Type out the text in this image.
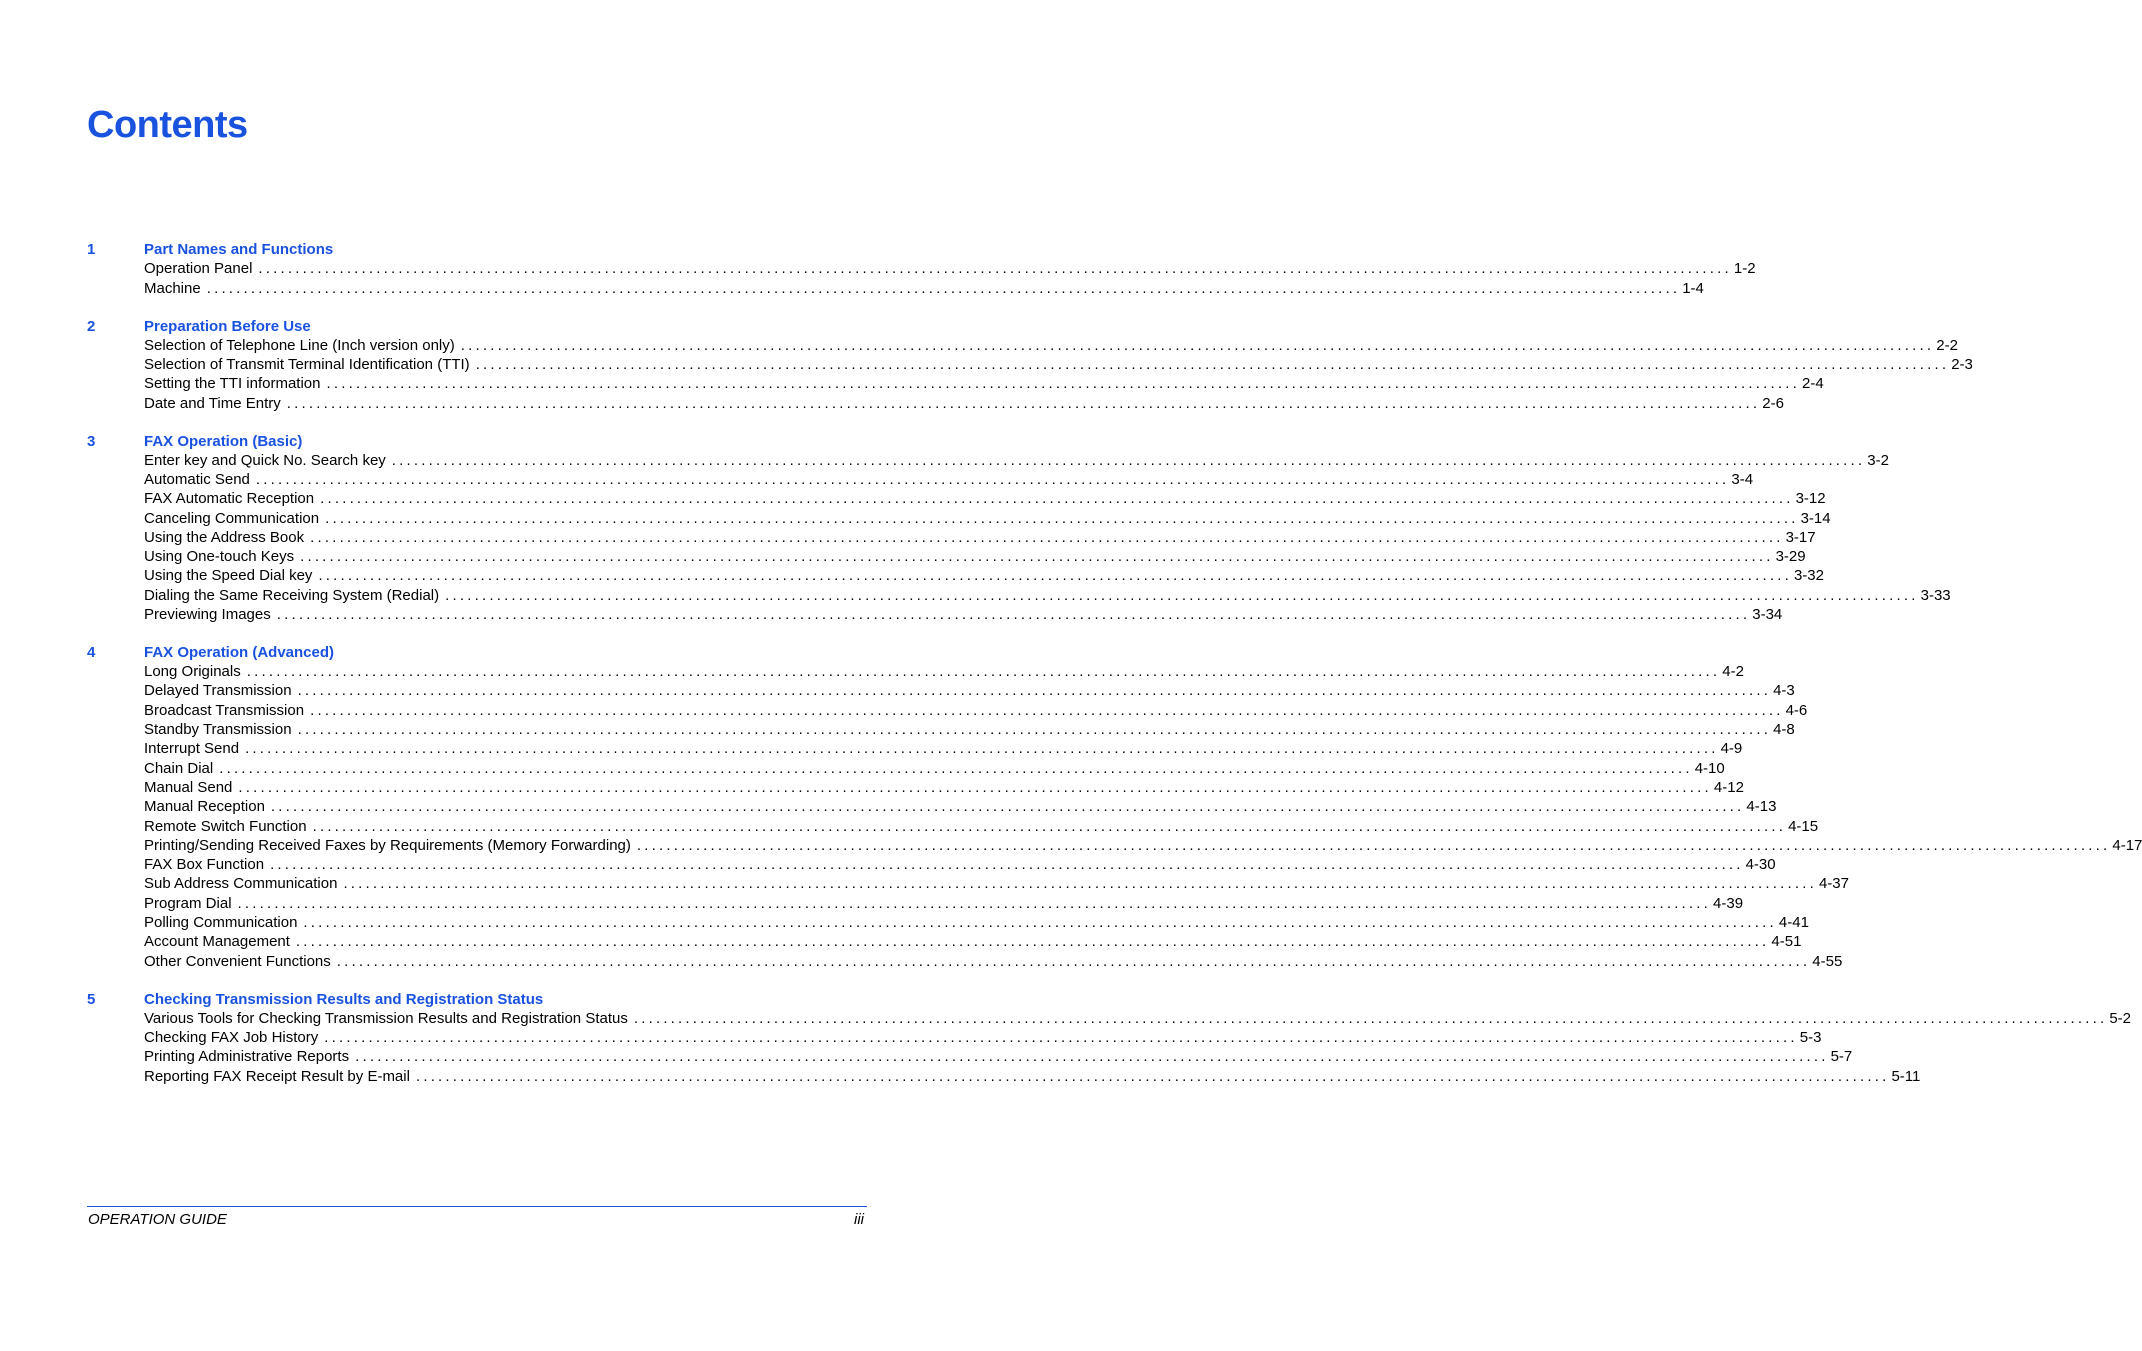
Contents
1	Part Names and Functions
Operation Panel ........................................................................................................................................................................................................ 1-2
Machine ........................................................................................................................................................................................................ 1-4
2	Preparation Before Use
Selection of Telephone Line (Inch version only) ........................................................................................................................................................................................................ 2-2
Selection of Transmit Terminal Identification (TTI) ........................................................................................................................................................................................................ 2-3
Setting the TTI information ........................................................................................................................................................................................................ 2-4
Date and Time Entry ........................................................................................................................................................................................................ 2-6
3	FAX Operation (Basic)
Enter key and Quick No. Search key ........................................................................................................................................................................................................ 3-2
Automatic Send ........................................................................................................................................................................................................ 3-4
FAX Automatic Reception ........................................................................................................................................................................................................ 3-12
Canceling Communication ........................................................................................................................................................................................................ 3-14
Using the Address Book ........................................................................................................................................................................................................ 3-17
Using One-touch Keys ........................................................................................................................................................................................................ 3-29
Using the Speed Dial key ........................................................................................................................................................................................................ 3-32
Dialing the Same Receiving System (Redial) ........................................................................................................................................................................................................ 3-33
Previewing Images ........................................................................................................................................................................................................ 3-34
4	FAX Operation (Advanced)
Long Originals ........................................................................................................................................................................................................ 4-2
Delayed Transmission ........................................................................................................................................................................................................ 4-3
Broadcast Transmission ........................................................................................................................................................................................................ 4-6
Standby Transmission ........................................................................................................................................................................................................ 4-8
Interrupt Send ........................................................................................................................................................................................................ 4-9
Chain Dial ........................................................................................................................................................................................................ 4-10
Manual Send ........................................................................................................................................................................................................ 4-12
Manual Reception ........................................................................................................................................................................................................ 4-13
Remote Switch Function ........................................................................................................................................................................................................ 4-15
Printing/Sending Received Faxes by Requirements (Memory Forwarding) ........................................................................................................................................................................................................ 4-17
FAX Box Function ........................................................................................................................................................................................................ 4-30
Sub Address Communication ........................................................................................................................................................................................................ 4-37
Program Dial ........................................................................................................................................................................................................ 4-39
Polling Communication ........................................................................................................................................................................................................ 4-41
Account Management ........................................................................................................................................................................................................ 4-51
Other Convenient Functions ........................................................................................................................................................................................................ 4-55
5	Checking Transmission Results and Registration Status
Various Tools for Checking Transmission Results and Registration Status ........................................................................................................................................................................................................ 5-2
Checking FAX Job History ........................................................................................................................................................................................................ 5-3
Printing Administrative Reports ........................................................................................................................................................................................................ 5-7
Reporting FAX Receipt Result by E-mail ........................................................................................................................................................................................................ 5-11
OPERATION GUIDE	iii
